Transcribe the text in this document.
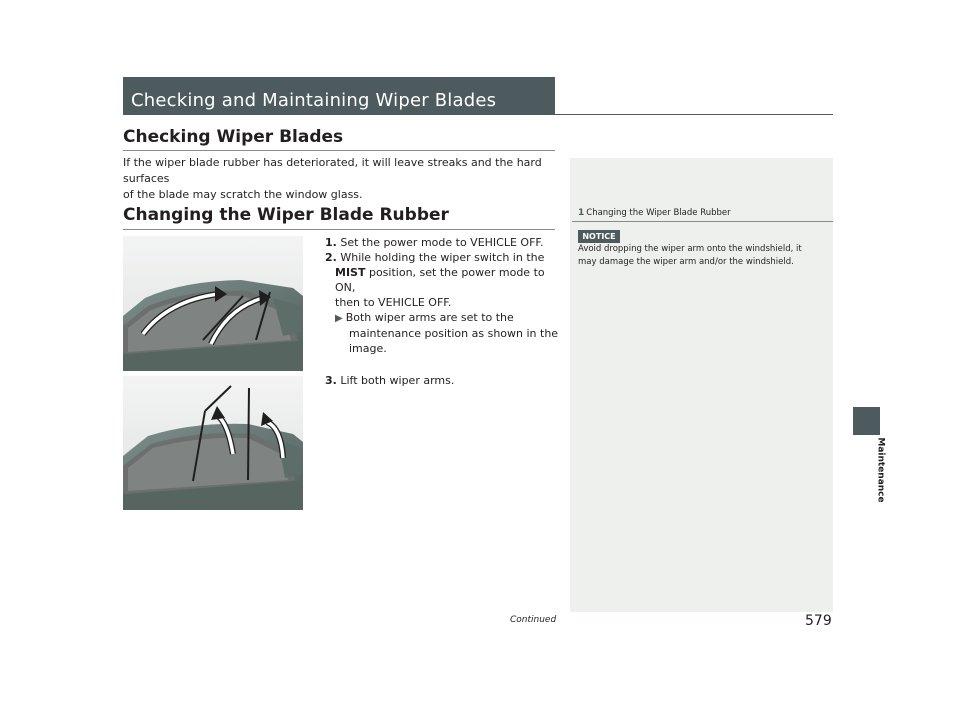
Checking and Maintaining Wiper Blades
Checking Wiper Blades
If the wiper blade rubber has deteriorated, it will leave streaks and the hard surfaces
of the blade may scratch the window glass.
Changing the Wiper Blade Rubber	1 Changing the Wiper Blade Rubber
NOTICE
Avoid dropping the wiper arm onto the windshield, it
may damage the wiper arm and/or the windshield.
Maintenance
1. Set the power mode to VEHICLE OFF.
2. While holding the wiper switch in the
MIST position, set the power mode to ON,
then to VEHICLE OFF.
▶ Both wiper arms are set to the
maintenance position as shown in the
image.
3. Lift both wiper arms.
Continued	579
